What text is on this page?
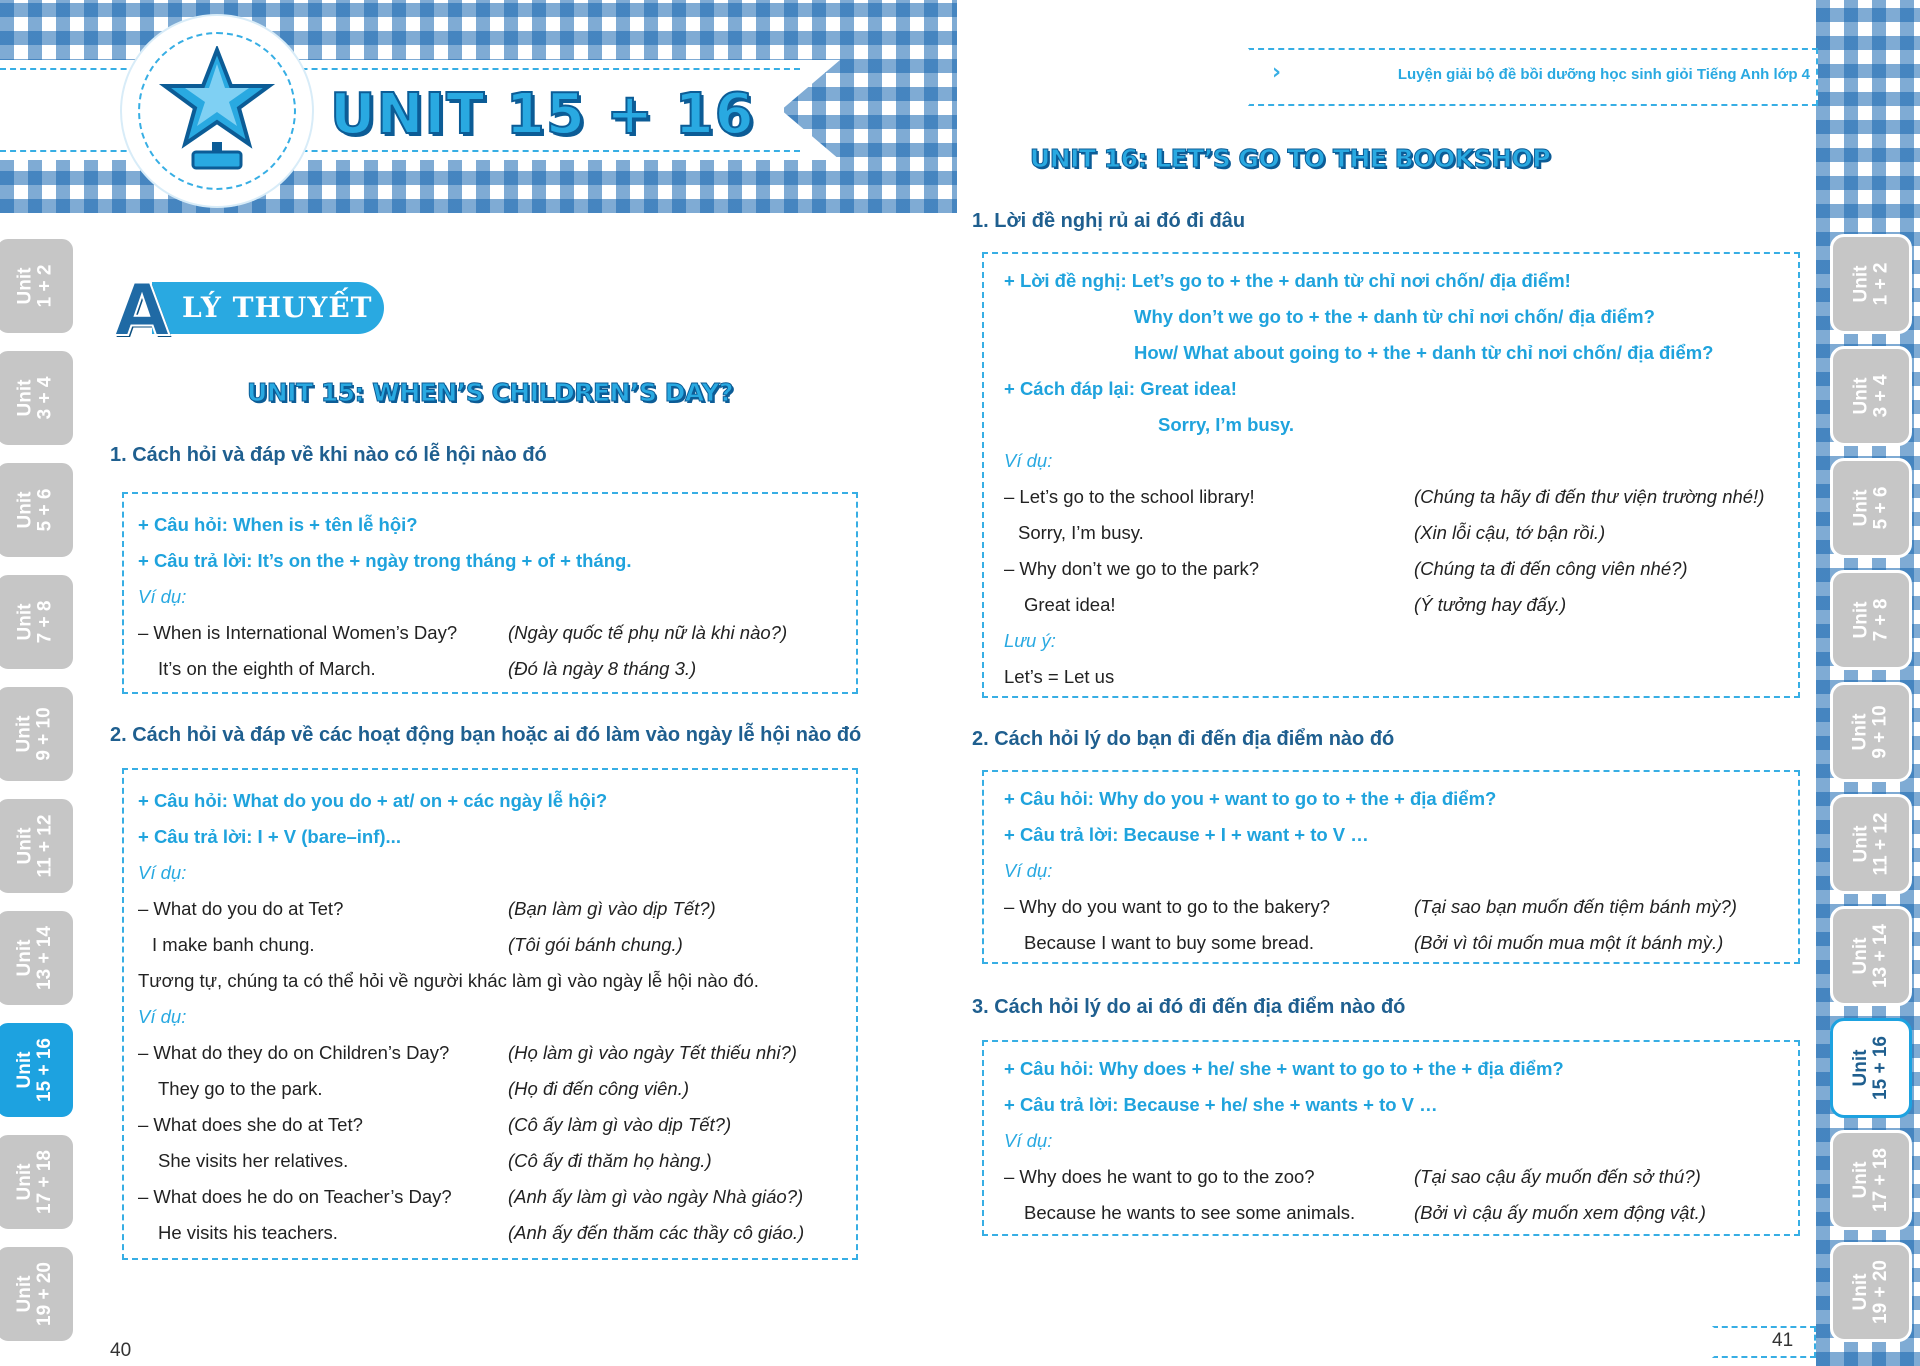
UNIT 15 + 16
LÝ THUYẾT
A
UNIT 15: WHEN’S CHILDREN’S DAY?
1. Cách hỏi và đáp về khi nào có lễ hội nào đó
+ Câu hỏi: When is + tên lễ hội?
+ Câu trả lời: It’s on the + ngày trong tháng + of + tháng.
Ví dụ:
– When is International Women’s Day?	(Ngày quốc tế phụ nữ là khi nào?)
It’s on the eighth of March.	(Đó là ngày 8 tháng 3.)
2. Cách hỏi và đáp về các hoạt động bạn hoặc ai đó làm vào ngày lễ hội nào đó
+ Câu hỏi: What do you do + at/ on + các ngày lễ hội?
+ Câu trả lời: I + V (bare–inf)...
Ví dụ:
– What do you do at Tet?	(Bạn làm gì vào dịp Tết?)
I make banh chung.	(Tôi gói bánh chung.)
Tương tự, chúng ta có thể hỏi về người khác làm gì vào ngày lễ hội nào đó.
Ví dụ:
– What do they do on Children’s Day?	(Họ làm gì vào ngày Tết thiếu nhi?)
They go to the park.	(Họ đi đến công viên.)
– What does she do at Tet?	(Cô ấy làm gì vào dịp Tết?)
She visits her relatives.	(Cô ấy đi thăm họ hàng.)
– What does he do on Teacher’s Day?	(Anh ấy làm gì vào ngày Nhà giáo?)
He visits his teachers.	(Anh ấy đến thăm các thầy cô giáo.)
Unit
1 + 2
Unit
3 + 4
Unit
5 + 6
Unit
7 + 8
Unit
9 + 10
Unit
11 + 12
Unit
13 + 14
Unit
15 + 16
Unit
17 + 18
Unit
19 + 20
40
›	Luyện giải bộ đề bồi dưỡng học sinh giỏi Tiếng Anh lớp 4
UNIT 16: LET’S GO TO THE BOOKSHOP
1. Lời đề nghị rủ ai đó đi đâu
+ Lời đề nghị: Let’s go to + the + danh từ chỉ nơi chốn/ địa điểm!
Why don’t we go to + the + danh từ chỉ nơi chốn/ địa điểm?
How/ What about going to + the + danh từ chỉ nơi chốn/ địa điểm?
+ Cách đáp lại: Great idea!
Sorry, I’m busy.
Ví dụ:
– Let’s go to the school library!	(Chúng ta hãy đi đến thư viện trường nhé!)
Sorry, I’m busy.	(Xin lỗi cậu, tớ bận rồi.)
– Why don’t we go to the park?	(Chúng ta đi đến công viên nhé?)
Great idea!	(Ý tưởng hay đấy.)
Lưu ý:
Let’s = Let us
2. Cách hỏi lý do bạn đi đến địa điểm nào đó
+ Câu hỏi: Why do you + want to go to + the + địa điểm?
+ Câu trả lời: Because + I + want + to V …
Ví dụ:
– Why do you want to go to the bakery?	(Tại sao bạn muốn đến tiệm bánh mỳ?)
Because I want to buy some bread.	(Bởi vì tôi muốn mua một ít bánh mỳ.)
3. Cách hỏi lý do ai đó đi đến địa điểm nào đó
+ Câu hỏi: Why does + he/ she + want to go to + the + địa điểm?
+ Câu trả lời: Because + he/ she + wants + to V …
Ví dụ:
– Why does he want to go to the zoo?	(Tại sao cậu ấy muốn đến sở thú?)
Because he wants to see some animals.	(Bởi vì cậu ấy muốn xem động vật.)
Unit
1 + 2
Unit
3 + 4
Unit
5 + 6
Unit
7 + 8
Unit
9 + 10
Unit
11 + 12
Unit
13 + 14
Unit
15 + 16
Unit
17 + 18
Unit
19 + 20
41
